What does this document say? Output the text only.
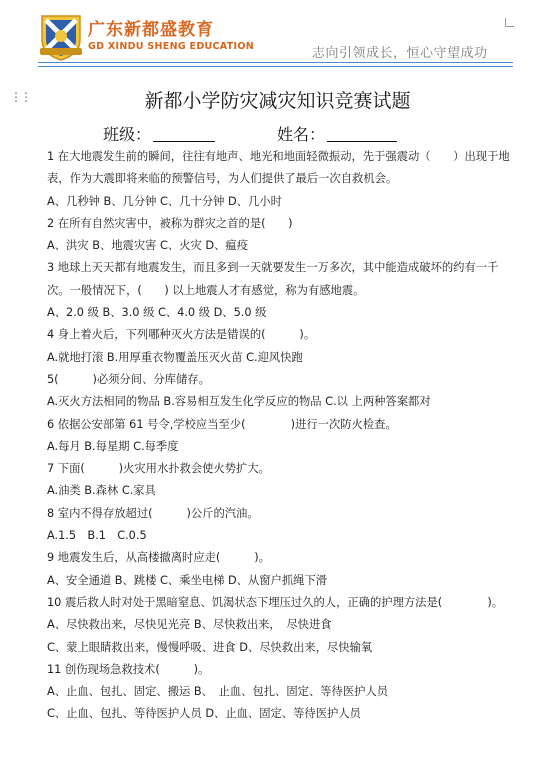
广东新都盛教育
GD XINDU SHENG EDUCATION	志向引领成长，恒心守望成功
⋮⋮	新都小学防灾减灾知识竞赛试题
班级：	姓名：
1 在大地震发生前的瞬间，往往有地声、地光和地面轻微振动，先于强震动（　　）出现于地
表，作为大震即将来临的预警信号，为人们提供了最后一次自救机会。
A、几秒钟 B、几分钟 C、几十分钟 D、几小时
2 在所有自然灾害中，被称为群灾之首的是(　　)
A、洪灾 B、地震灾害 C、火灾 D、瘟疫
3 地球上天天都有地震发生，而且多到一天就要发生一万多次，其中能造成破坏的约有一千
次。一般情况下，(　　) 以上地震人才有感觉，称为有感地震。
A、2.0 级 B、3.0 级 C、4.0 级 D、5.0 级
4 身上着火后，下列哪种灭火方法是错误的(　　　)。
A.就地打滚 B.用厚重衣物覆盖压灭火苗 C.迎风快跑
5(　　　)必须分间、分库储存。
A.灭火方法相同的物品 B.容易相互发生化学反应的物品 C.以 上两种答案都对
6 依据公安部第 61 号令,学校应当至少(　　　　)进行一次防火检查。
A.每月 B.每星期 C.每季度
7 下面(　　　)火灾用水扑救会使火势扩大。
A.油类 B.森林 C.家具
8 室内不得存放超过(　　　)公斤的汽油。
A.1.5　B.1　C.0.5
9 地震发生后，从高楼撤离时应走(　　　)。
A、安全通道 B、跳楼 C、乘坐电梯 D、从窗户抓绳下滑
10 震后救人时对处于黑暗窒息、饥渴状态下埋压过久的人，正确的护理方法是(　　　　)。
A、尽快救出来，尽快见光亮 B、尽快救出来，　尽快进食
C、蒙上眼睛救出来，慢慢呼吸、进食 D、尽快救出来，尽快输氧
11 创伤现场急救技术(　　　)。
A、止血、包扎、固定、搬运 B、　止血、包扎、固定、等待医护人员
C、止血、包扎、等待医护人员 D、止血、固定、等待医护人员
